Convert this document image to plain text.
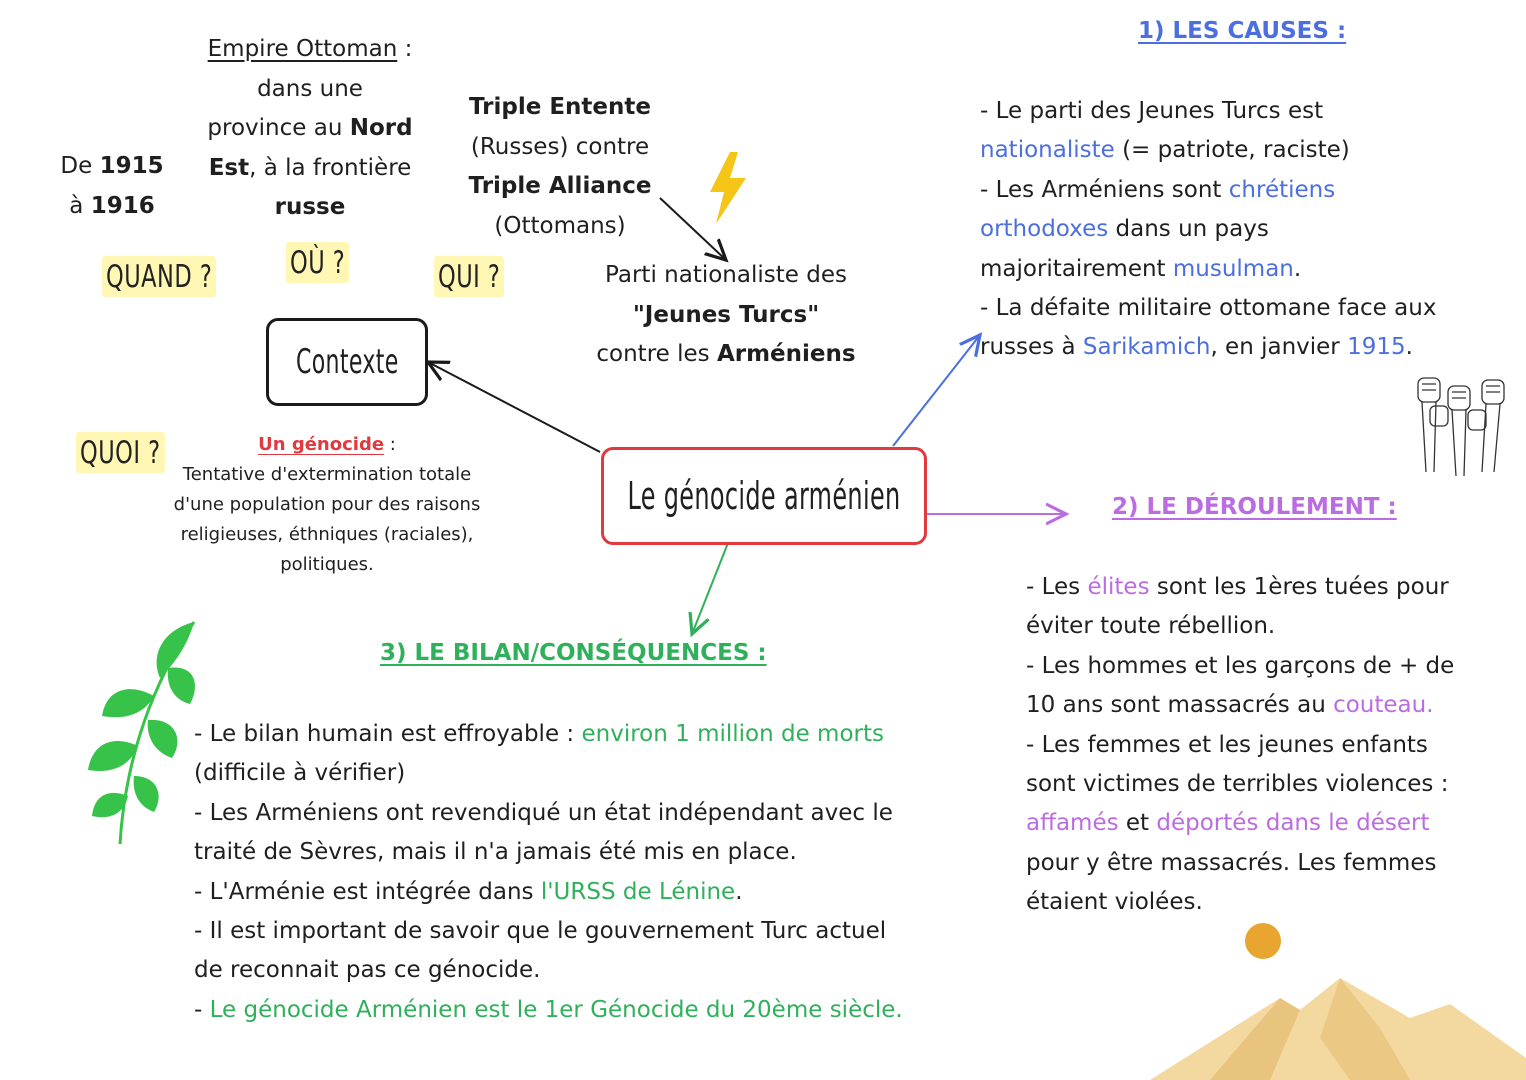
Le génocide arménien
Contexte
De 1915
à 1916
QUAND ?
Empire Ottoman :
dans une
province au Nord
Est, à la frontière
russe
OÙ ?
Triple Entente
(Russes) contre
Triple Alliance
(Ottomans)
QUI ?	Parti nationaliste des
"Jeunes Turcs"
contre les Arméniens
QUOI ?	Un génocide :
Tentative d'extermination totale
d'une population pour des raisons
religieuses, éthniques (raciales),
politiques.
1) LES CAUSES :
- Le parti des Jeunes Turcs est
nationaliste (= patriote, raciste)
- Les Arméniens sont chrétiens
orthodoxes dans un pays
majoritairement musulman.
- La défaite militaire ottomane face aux
russes à Sarikamich, en janvier 1915.
2) LE DÉROULEMENT :
- Les élites sont les 1ères tuées pour
éviter toute rébellion.
- Les hommes et les garçons de + de
10 ans sont massacrés au couteau.
- Les femmes et les jeunes enfants
sont victimes de terribles violences :
affamés et déportés dans le désert
pour y être massacrés. Les femmes
étaient violées.
3) LE BILAN/CONSÉQUENCES :
- Le bilan humain est effroyable : environ 1 million de morts
(difficile à vérifier)
- Les Arméniens ont revendiqué un état indépendant avec le
traité de Sèvres, mais il n'a jamais été mis en place.
- L'Arménie est intégrée dans l'URSS de Lénine.
- Il est important de savoir que le gouvernement Turc actuel
de reconnait pas ce génocide.
- Le génocide Arménien est le 1er Génocide du 20ème siècle.
